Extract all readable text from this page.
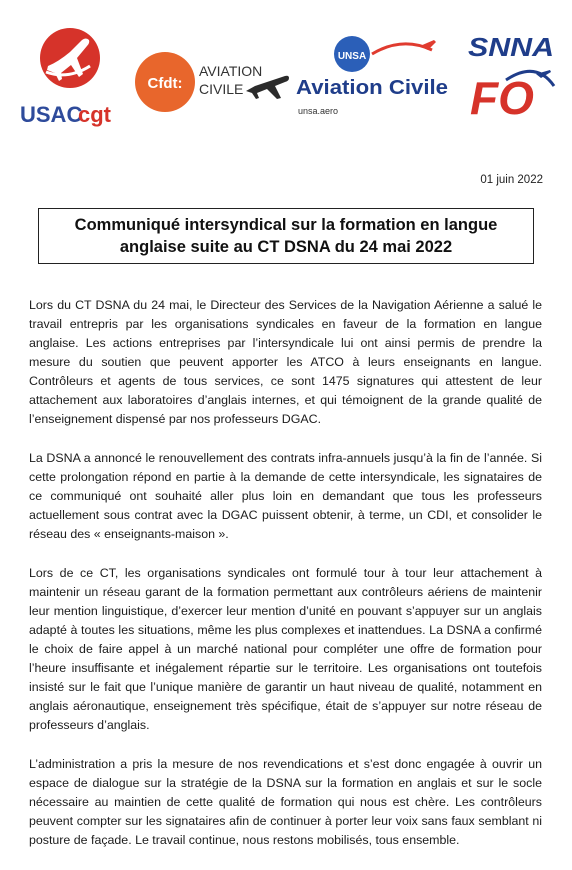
USAC
cgt
Cfdt:
AVIATION
CIVILE
UNSA
Aviation Civile
unsa.aero
SNNA
FO
01 juin 2022
Communiqué intersyndical sur la formation en langue anglaise suite au CT DSNA du 24 mai 2022

Lors du CT DSNA du 24 mai, le Directeur des Services de la Navigation Aérienne a salué le travail entrepris par les organisations syndicales en faveur de la formation en langue anglaise. Les actions entreprises par l’intersyndicale lui ont ainsi permis de prendre la mesure du soutien que peuvent apporter les ATCO à leurs enseignants en langue. Contrôleurs et agents de tous services, ce sont 1475 signatures qui attestent de leur attachement aux laboratoires d’anglais internes, et qui témoignent de la grande qualité de l’enseignement dispensé par nos professeurs DGAC.

La DSNA a annoncé le renouvellement des contrats infra-annuels jusqu’à la fin de l’année. Si cette prolongation répond en partie à la demande de cette intersyndicale, les signataires de ce communiqué ont souhaité aller plus loin en demandant que tous les professeurs actuellement sous contrat avec la DGAC puissent obtenir, à terme, un CDI, et consolider le réseau des « enseignants-maison ».

Lors de ce CT, les organisations syndicales ont formulé tour à tour leur attachement à maintenir un réseau garant de la formation permettant aux contrôleurs aériens de maintenir leur mention linguistique, d’exercer leur mention d’unité en pouvant s’appuyer sur un anglais adapté à toutes les situations, même les plus complexes et inattendues. La DSNA a confirmé le choix de faire appel à un marché national pour compléter une offre de formation pour l’heure insuffisante et inégalement répartie sur le territoire. Les organisations ont toutefois insisté sur le fait que l’unique manière de garantir un haut niveau de qualité, notamment en anglais aéronautique, enseignement très spécifique, était de s’appuyer sur notre réseau de professeurs d’anglais.

L’administration a pris la mesure de nos revendications et s’est donc engagée à ouvrir un espace de dialogue sur la stratégie de la DSNA sur la formation en anglais et sur le socle nécessaire au maintien de cette qualité de formation qui nous est chère. Les contrôleurs peuvent compter sur les signataires afin de continuer à porter leur voix sans faux semblant ni posture de façade. Le travail continue, nous restons mobilisés, tous ensemble.
